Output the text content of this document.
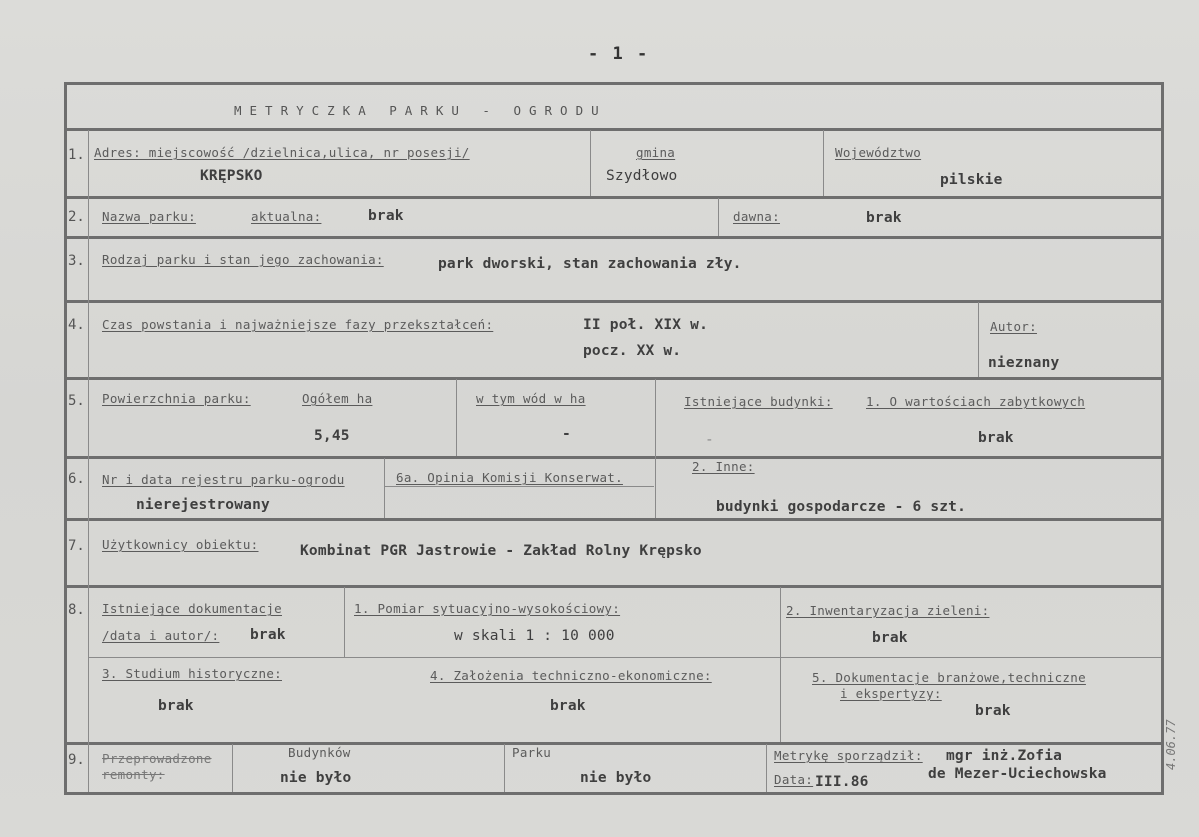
- 1 -
METRYCZKA PARKU - OGRODU
1. Adres: miejscowość /dzielnica,ulica, nr posesji/
KRĘPSKO
gmina
Szydłowo
Województwo
pilskie
2. Nazwa parku:	aktualna:	brak	dawna:	brak
3. Rodzaj parku i stan jego zachowania:	park dworski, stan zachowania zły.
4. Czas powstania i najważniejsze fazy przekształceń:	II poł. XIX w.
pocz. XX w.
Autor:
nieznany
5. Powierzchnia parku:	Ogółem ha
5,45
w tym wód w ha
-
Istniejące budynki:	1. O wartościach zabytkowych
-	brak
6. Nr i data rejestru parku-ogrodu
nierejestrowany
6a. Opinia Komisji Konserwat.
2. Inne:
budynki gospodarcze - 6 szt.
7. Użytkownicy obiektu:	Kombinat PGR Jastrowie - Zakład Rolny Krępsko
8. Istniejące dokumentacje
/data i autor/: brak
1. Pomiar sytuacyjno-wysokościowy:
w skali 1 : 10 000
2. Inwentaryzacja zieleni:
brak
3. Studium historyczne:
brak
4. Założenia techniczno-ekonomiczne:
brak
5. Dokumentacje branżowe,techniczne
i ekspertyzy:
brak
9. Przeprowadzone
remonty:
Budynków
nie było
Parku
nie było
Metrykę sporządził: mgr inż.Zofia
de Mezer-Uciechowska
Data: III.86
4.06.77
